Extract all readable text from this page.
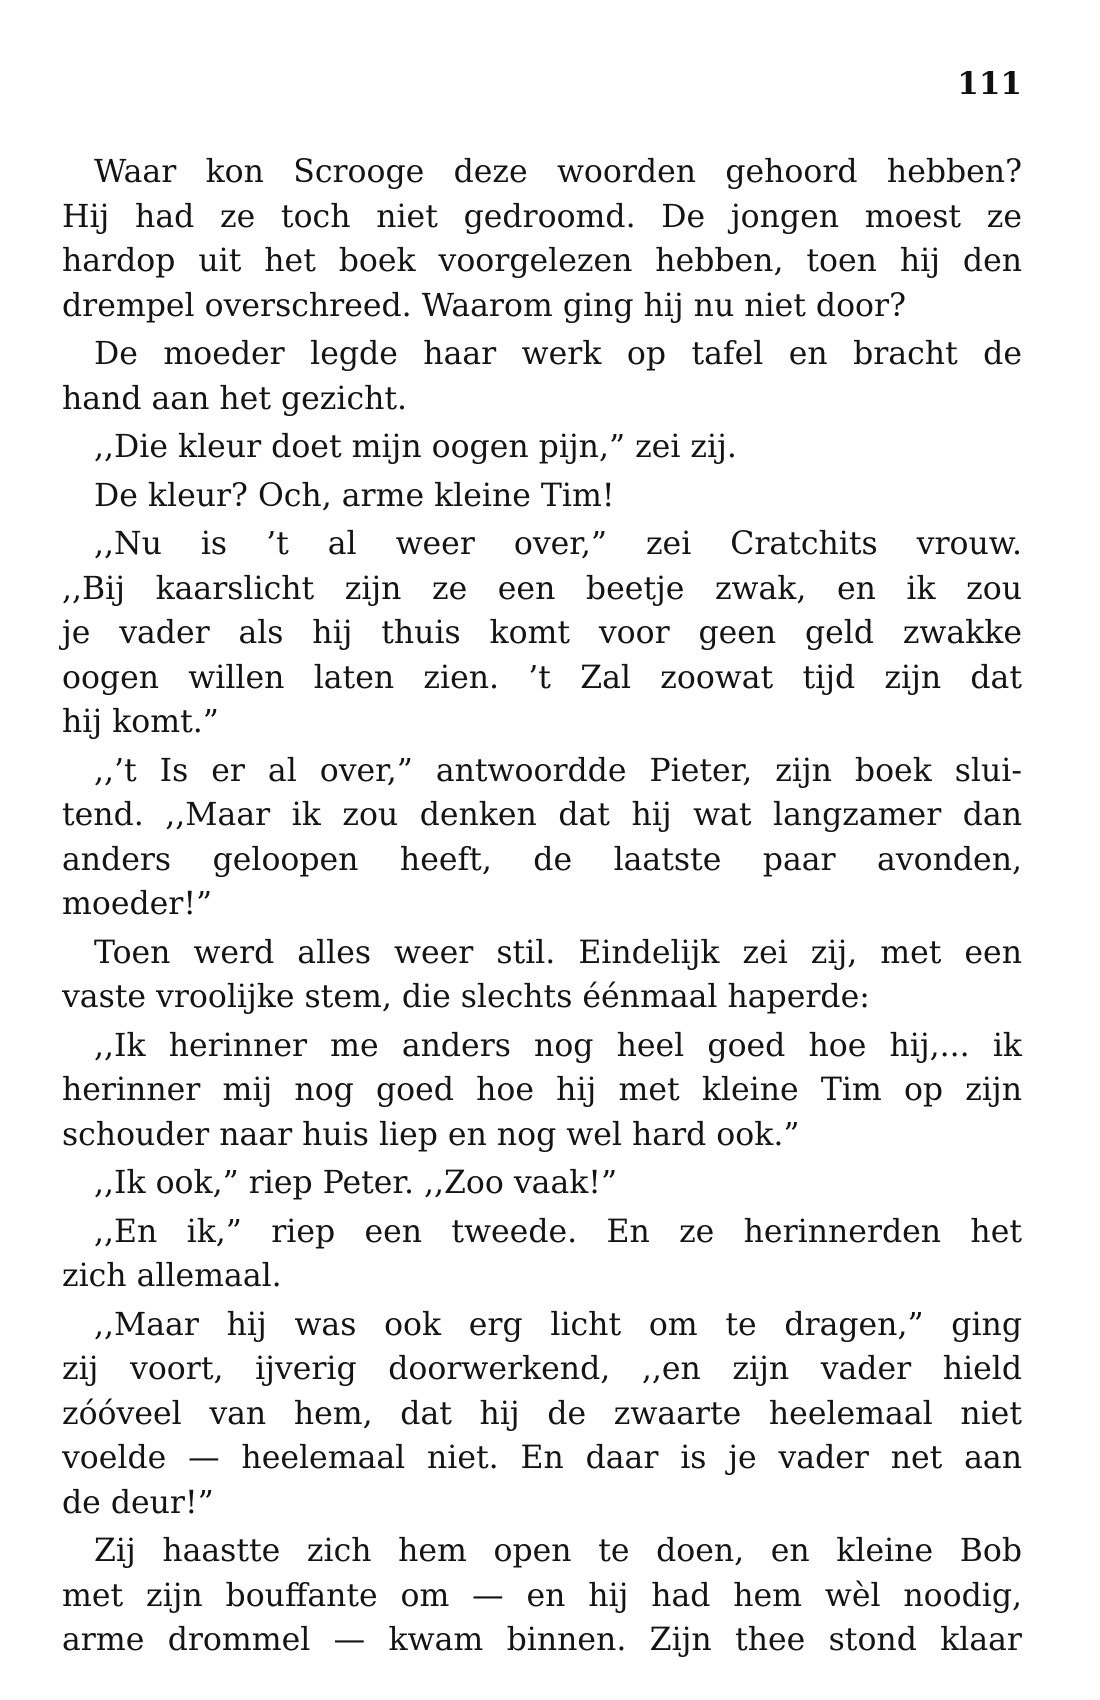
111
Waar kon Scrooge deze woorden gehoord hebben?
Hij had ze toch niet gedroomd. De jongen moest ze
hardop uit het boek voorgelezen hebben, toen hij den
drempel overschreed. Waarom ging hij nu niet door?
De moeder legde haar werk op tafel en bracht de
hand aan het gezicht.
,,Die kleur doet mijn oogen pijn,” zei zij.
De kleur? Och, arme kleine Tim!
,,Nu is ’t al weer over,” zei Cratchits vrouw.
,,Bij kaarslicht zijn ze een beetje zwak, en ik zou
je vader als hij thuis komt voor geen geld zwakke
oogen willen laten zien. ’t Zal zoowat tijd zijn dat
hij komt.”
,,’t Is er al over,” antwoordde Pieter, zijn boek slui-
tend. ,,Maar ik zou denken dat hij wat langzamer dan
anders geloopen heeft, de laatste paar avonden,
moeder!”
Toen werd alles weer stil. Eindelijk zei zij, met een
vaste vroolijke stem, die slechts éénmaal haperde:
,,Ik herinner me anders nog heel goed hoe hij,... ik
herinner mij nog goed hoe hij met kleine Tim op zijn
schouder naar huis liep en nog wel hard ook.”
,,Ik ook,” riep Peter. ,,Zoo vaak!”
,,En ik,” riep een tweede. En ze herinnerden het
zich allemaal.
,,Maar hij was ook erg licht om te dragen,” ging
zij voort, ijverig doorwerkend, ,,en zijn vader hield
zóóveel van hem, dat hij de zwaarte heelemaal niet
voelde — heelemaal niet. En daar is je vader net aan
de deur!”
Zij haastte zich hem open te doen, en kleine Bob
met zijn bouffante om — en hij had hem wèl noodig,
arme drommel — kwam binnen. Zijn thee stond klaar
